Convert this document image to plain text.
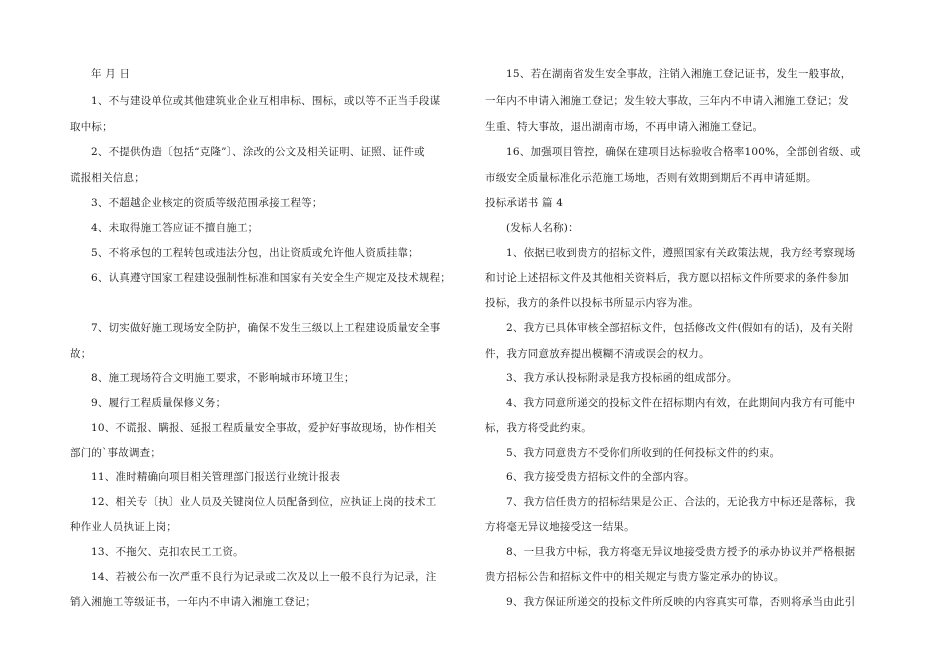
年 月 日
1、不与建设单位或其他建筑业企业互相串标、围标，或以等不正当手段谋
取中标；
2、不提供伪造〔包括“克隆”〕、涂改的公文及相关证明、证照、证件或
谎报相关信息；
3、不超越企业核定的资质等级范围承接工程等；
4、未取得施工答应证不擅自施工；
5、不将承包的工程转包或违法分包，出让资质或允许他人资质挂靠；
6、认真遵守国家工程建设强制性标准和国家有关安全生产规定及技术规程；
7、切实做好施工现场安全防护，确保不发生三级以上工程建设质量安全事
故；
8、施工现场符合文明施工要求，不影响城市环境卫生；
9、履行工程质量保修义务；
10、不谎报、瞒报、延报工程质量安全事故，爱护好事故现场，协作相关
部门的`事故调查；
11、准时精确向项目相关管理部门报送行业统计报表
12、相关专〔执〕业人员及关键岗位人员配备到位，应执证上岗的技术工
种作业人员执证上岗；
13、不拖欠、克扣农民工工资。
14、若被公布一次严重不良行为记录或二次及以上一般不良行为记录，注
销入湘施工等级证书，一年内不申请入湘施工登记；
15、若在湖南省发生安全事故，注销入湘施工登记证书，发生一般事故，
一年内不申请入湘施工登记；发生较大事故，三年内不申请入湘施工登记；发
生重、特大事故，退出湖南市场，不再申请入湘施工登记。
16、加强项目管控，确保在建项目达标验收合格率100%，全部创省级、或
市级安全质量标准化示范施工场地，否则有效期到期后不再申请延期。
投标承诺书 篇 4
(发标人名称)：
1、依据已收到贵方的招标文件，遵照国家有关政策法规，我方经考察现场
和讨论上述招标文件及其他相关资料后，我方愿以招标文件所要求的条件参加
投标，我方的条件以投标书所显示内容为准。
2、我方已具体审核全部招标文件，包括修改文件(假如有的话)，及有关附
件，我方同意放弃提出模糊不清或误会的权力。
3、我方承认投标附录是我方投标函的组成部分。
4、我方同意所递交的投标文件在招标期内有效，在此期间内我方有可能中
标，我方将受此约束。
5、我方同意贵方不受你们所收到的任何投标文件的约束。
6、我方接受贵方招标文件的全部内容。
7、我方信任贵方的招标结果是公正、合法的，无论我方中标还是落标，我
方将毫无异议地接受这一结果。
8、一旦我方中标，我方将毫无异议地接受贵方授予的承办协议并严格根据
贵方招标公告和招标文件中的相关规定与贵方鉴定承办的协议。
9、我方保证所递交的投标文件所反映的内容真实可靠，否则将承当由此引
